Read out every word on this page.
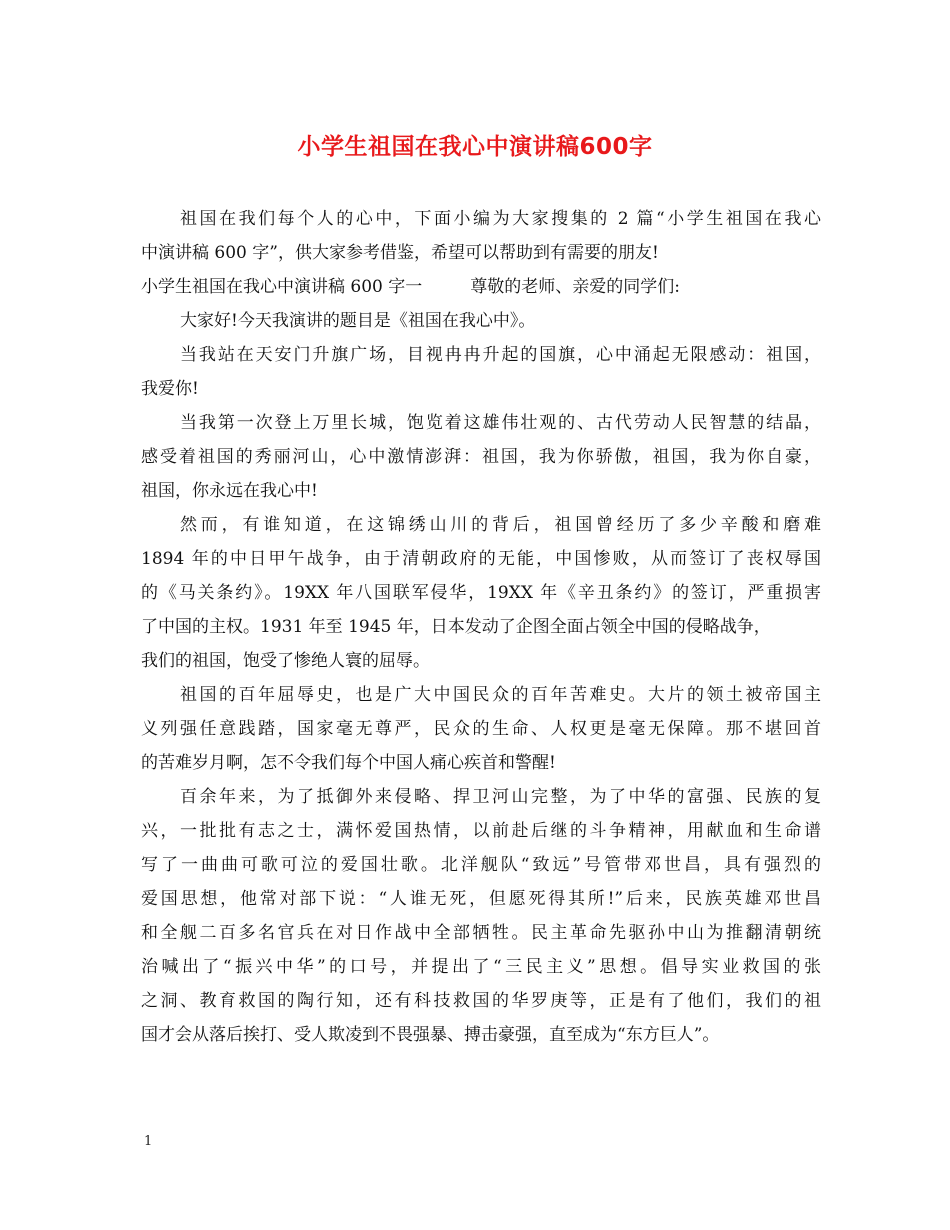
小学生祖国在我心中演讲稿600字
祖国在我们每个人的心中，下面小编为大家搜集的 2 篇“小学生祖国在我心
中演讲稿 600 字”，供大家参考借鉴，希望可以帮助到有需要的朋友!
小学生祖国在我心中演讲稿 600 字一	尊敬的老师、亲爱的同学们:
大家好!今天我演讲的题目是《祖国在我心中》。
当我站在天安门升旗广场，目视冉冉升起的国旗，心中涌起无限感动：祖国，
我爱你!
当我第一次登上万里长城，饱览着这雄伟壮观的、古代劳动人民智慧的结晶，
感受着祖国的秀丽河山，心中激情澎湃：祖国，我为你骄傲，祖国，我为你自豪，
祖国，你永远在我心中!
然而，有谁知道，在这锦绣山川的背后，祖国曾经历了多少辛酸和磨难
1894 年的中日甲午战争，由于清朝政府的无能，中国惨败，从而签订了丧权辱国
的《马关条约》。19XX 年八国联军侵华，19XX 年《辛丑条约》的签订，严重损害
了中国的主权。1931 年至 1945 年，日本发动了企图全面占领全中国的侵略战争，
我们的祖国，饱受了惨绝人寰的屈辱。
祖国的百年屈辱史，也是广大中国民众的百年苦难史。大片的领土被帝国主
义列强任意践踏，国家毫无尊严，民众的生命、人权更是毫无保障。那不堪回首
的苦难岁月啊，怎不令我们每个中国人痛心疾首和警醒!
百余年来，为了抵御外来侵略、捍卫河山完整，为了中华的富强、民族的复
兴，一批批有志之士，满怀爱国热情，以前赴后继的斗争精神，用献血和生命谱
写了一曲曲可歌可泣的爱国壮歌。北洋舰队“致远”号管带邓世昌，具有强烈的
爱国思想，他常对部下说：“人谁无死，但愿死得其所!”后来，民族英雄邓世昌
和全舰二百多名官兵在对日作战中全部牺牲。民主革命先驱孙中山为推翻清朝统
治喊出了“振兴中华”的口号，并提出了“三民主义”思想。倡导实业救国的张
之洞、教育救国的陶行知，还有科技救国的华罗庚等，正是有了他们，我们的祖
国才会从落后挨打、受人欺凌到不畏强暴、搏击豪强，直至成为“东方巨人”。
1
